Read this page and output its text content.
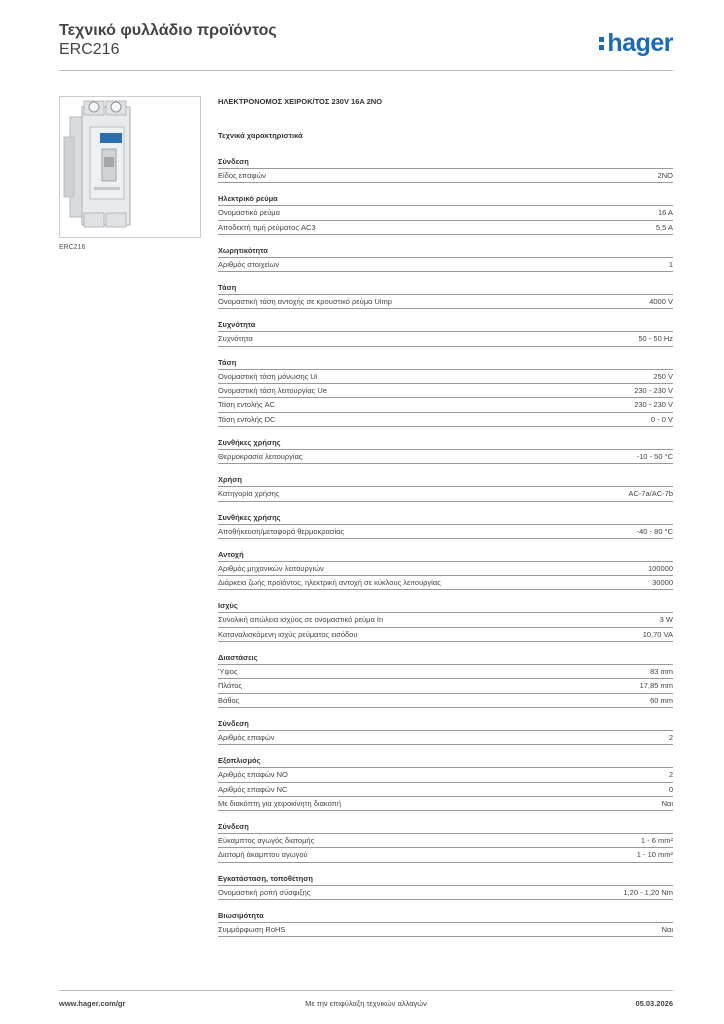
Τεχνικό φυλλάδιο προϊόντος
ERC216	hager
ERC216
ΗΛΕΚΤΡΟΝΟΜΟΣ ΧΕΙΡΟΚ/ΤΟΣ 230V 16A 2NO
Τεχνικά χαρακτηριστικά
Σύνδεση
Είδος επαφών	2NO
Ηλεκτρικό ρεύμα
Ονομαστικό ρεύμα	16 A
Αποδεκτή τιμή ρεύματος AC3	5,5 A
Χωρητικότητα
Αριθμός στοιχείων	1
Τάση
Ονομαστική τάση αντοχής σε κρουστικό ρεύμα Uimp	4000 V
Συχνότητα
Συχνότητα	50 - 50 Hz
Τάση
Ονομαστική τάση μόνωσης Ui	250 V
Ονομαστική τάση λειτουργίας Ue	230 - 230 V
Τάση εντολής AC	230 - 230 V
Τάση εντολής DC	0 - 0 V
Συνθήκες χρήσης
Θερμοκρασία λειτουργίας	-10 - 50 °C
Χρήση
Κατηγορία χρήσης	AC-7a/AC-7b
Συνθήκες χρήσης
Αποθήκευση/μεταφορά θερμοκρασίας	-40 - 80 °C
Αντοχή
Αριθμός μηχανικών λειτουργιών	100000
Διάρκεια ζωής προϊόντος, ηλεκτρική αντοχή σε κύκλους λειτουργίας	30000
Ισχύς
Συνολική απώλεια ισχύος σε ονομαστικό ρεύμα In	3 W
Καταναλισκόμενη ισχύς ρεύματος εισόδου	10,70 VA
Διαστάσεις
Ύψος	83 mm
Πλάτος	17,85 mm
Βάθος	60 mm
Σύνδεση
Αριθμός επαφών	2
Εξοπλισμός
Αριθμός επαφών NO	2
Αριθμός επαφών NC	0
Με διακόπτη για χειροκίνητη διακοπή	Ναι
Σύνδεση
Εύκαμπτος αγωγός διατομής	1 - 6 mm²
Διατομή άκαμπτου αγωγού	1 - 10 mm²
Εγκατάσταση, τοποθέτηση
Ονομαστική ροπή σύσφιξης	1,20 - 1,20 Nm
Βιωσιμότητα
Συμμόρφωση RoHS	Ναι
Με την επιφύλαξη τεχνικών αλλαγών
www.hager.com/gr	05.03.2026
